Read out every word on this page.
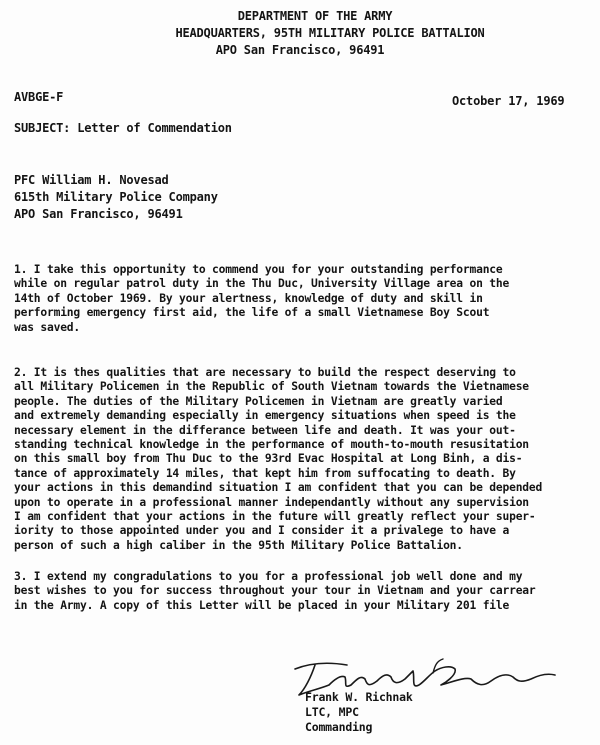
DEPARTMENT OF THE ARMY
HEADQUARTERS, 95TH MILITARY POLICE BATTALION
APO San Francisco, 96491
AVBGE-F	October 17, 1969
SUBJECT: Letter of Commendation
PFC William H. Novesad
615th Military Police Company
APO San Francisco, 96491
1. I take this opportunity to commend you for your outstanding performance
while on regular patrol duty in the Thu Duc, University Village area on the
14th of October 1969. By your alertness, knowledge of duty and skill in
performing emergency first aid, the life of a small Vietnamese Boy Scout
was saved.
2. It is thes qualities that are necessary to build the respect deserving to
all Military Policemen in the Republic of South Vietnam towards the Vietnamese
people. The duties of the Military Policemen in Vietnam are greatly varied
and extremely demanding especially in emergency situations when speed is the
necessary element in the differance between life and death. It was your out-
standing technical knowledge in the performance of mouth-to-mouth resusitation
on this small boy from Thu Duc to the 93rd Evac Hospital at Long Binh, a dis-
tance of approximately 14 miles, that kept him from suffocating to death. By
your actions in this demandind situation I am confident that you can be depended
upon to operate in a professional manner independantly without any supervision
I am confident that your actions in the future will greatly reflect your super-
iority to those appointed under you and I consider it a privalege to have a
person of such a high caliber in the 95th Military Police Battalion.
3. I extend my congradulations to you for a professional job well done and my
best wishes to you for success throughout your tour in Vietnam and your carrear
in the Army. A copy of this Letter will be placed in your Military 201 file
Frank W. Richnak
LTC, MPC
Commanding
